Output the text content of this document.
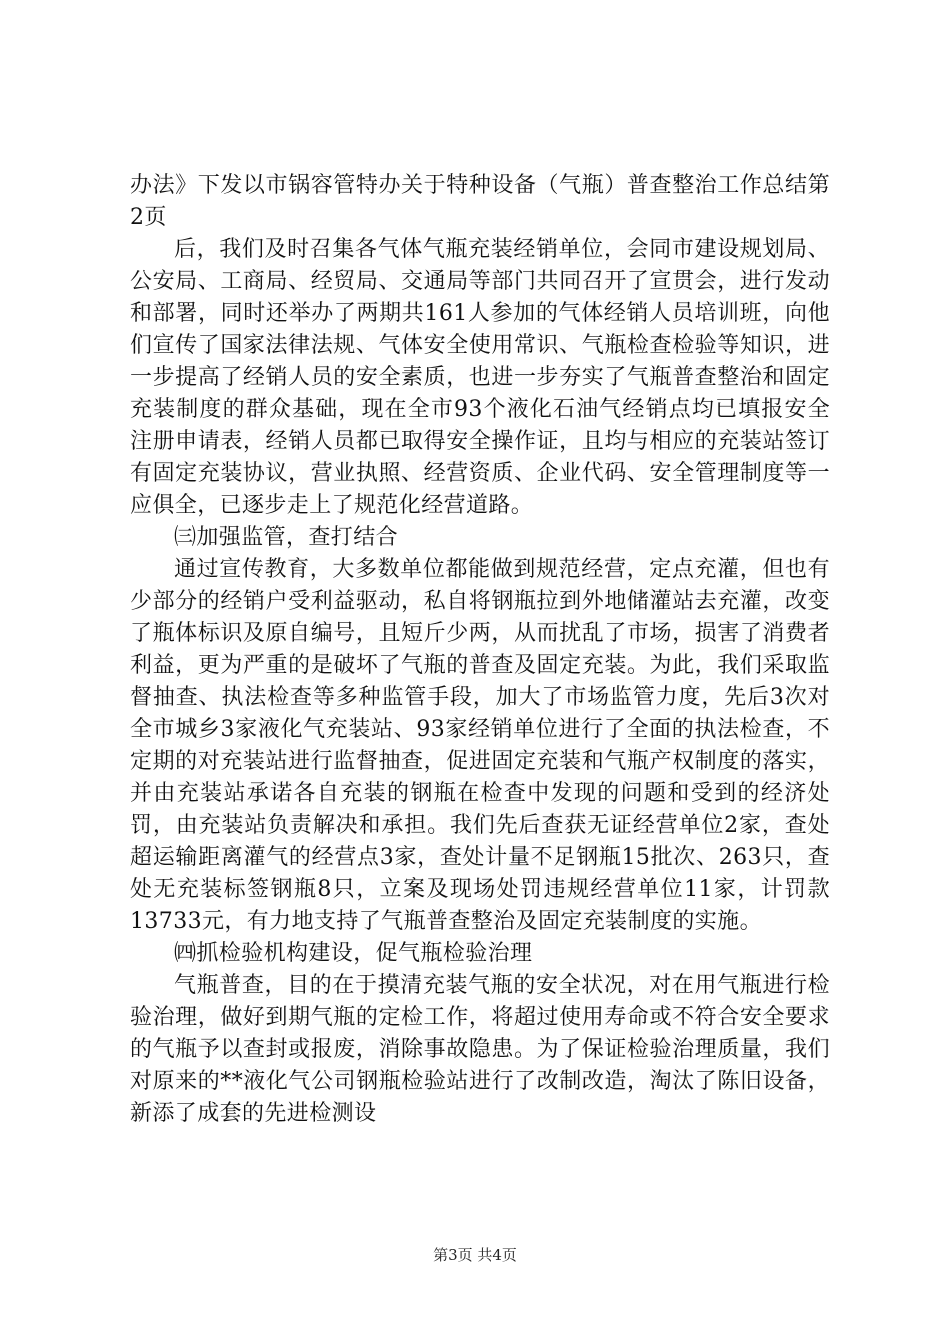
办法》下发以市锅容管特办关于特种设备（气瓶）普查整治工作总结第2页

后，我们及时召集各气体气瓶充装经销单位，会同市建设规划局、公安局、工商局、经贸局、交通局等部门共同召开了宣贯会，进行发动和部署，同时还举办了两期共161人参加的气体经销人员培训班，向他们宣传了国家法律法规、气体安全使用常识、气瓶检查检验等知识，进一步提高了经销人员的安全素质，也进一步夯实了气瓶普查整治和固定充装制度的群众基础，现在全市93个液化石油气经销点均已填报安全注册申请表，经销人员都已取得安全操作证，且均与相应的充装站签订有固定充装协议，营业执照、经营资质、企业代码、安全管理制度等一应俱全，已逐步走上了规范化经营道路。

㈢加强监管，查打结合

通过宣传教育，大多数单位都能做到规范经营，定点充灌，但也有少部分的经销户受利益驱动，私自将钢瓶拉到外地储灌站去充灌，改变了瓶体标识及原自编号，且短斤少两，从而扰乱了市场，损害了消费者利益，更为严重的是破坏了气瓶的普查及固定充装。为此，我们采取监督抽查、执法检查等多种监管手段，加大了市场监管力度，先后3次对全市城乡3家液化气充装站、93家经销单位进行了全面的执法检查，不定期的对充装站进行监督抽查，促进固定充装和气瓶产权制度的落实，并由充装站承诺各自充装的钢瓶在检查中发现的问题和受到的经济处罚，由充装站负责解决和承担。我们先后查获无证经营单位2家，查处超运输距离灌气的经营点3家，查处计量不足钢瓶15批次、263只，查处无充装标签钢瓶8只，立案及现场处罚违规经营单位11家，计罚款13733元，有力地支持了气瓶普查整治及固定充装制度的实施。

㈣抓检验机构建设，促气瓶检验治理

气瓶普查，目的在于摸清充装气瓶的安全状况，对在用气瓶进行检验治理，做好到期气瓶的定检工作，将超过使用寿命或不符合安全要求的气瓶予以查封或报废，消除事故隐患。为了保证检验治理质量，我们对原来的**液化气公司钢瓶检验站进行了改制改造，淘汰了陈旧设备，新添了成套的先进检测设

第3页 共4页
